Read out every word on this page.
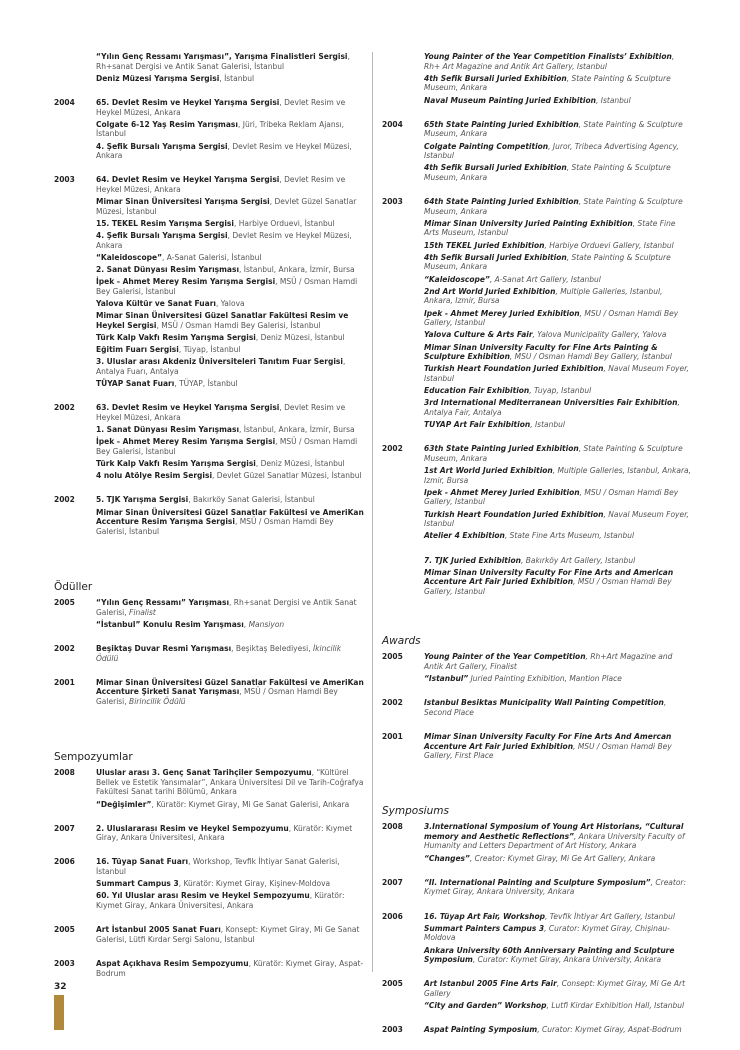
“Yılın Genç Ressamı Yarışması”, Yarışma Finalistleri Sergisi, Rh+sanat Dergisi ve Antik Sanat Galerisi, İstanbul
Deniz Müzesi Yarışma Sergisi, İstanbul
2004	65. Devlet Resim ve Heykel Yarışma Sergisi, Devlet Resim ve Heykel Müzesi, Ankara
Colgate 6-12 Yaş Resim Yarışması, Jüri, Tribeka Reklam Ajansı, İstanbul
4. Şefik Bursalı Yarışma Sergisi, Devlet Resim ve Heykel Müzesi, Ankara
2003	64. Devlet Resim ve Heykel Yarışma Sergisi, Devlet Resim ve Heykel Müzesi, Ankara
Mimar Sinan Üniversitesi Yarışma Sergisi, Devlet Güzel Sanatlar Müzesi, İstanbul
15. TEKEL Resim Yarışma Sergisi, Harbiye Orduevi, İstanbul
4. Şefik Bursalı Yarışma Sergisi, Devlet Resim ve Heykel Müzesi, Ankara
“Kaleidoscope”, A-Sanat Galerisi, İstanbul
2. Sanat Dünyası Resim Yarışması, İstanbul, Ankara, İzmir, Bursa
İpek - Ahmet Merey Resim Yarışma Sergisi, MSÜ / Osman Hamdi Bey Galerisi, İstanbul
Yalova Kültür ve Sanat Fuarı, Yalova
Mimar Sinan Üniversitesi Güzel Sanatlar Fakültesi Resim ve Heykel Sergisi, MSÜ / Osman Hamdi Bey Galerisi, İstanbul
Türk Kalp Vakfı Resim Yarışma Sergisi, Deniz Müzesi, İstanbul
Eğitim Fuarı Sergisi, Tüyap, İstanbul
3. Uluslar arası Akdeniz Üniversiteleri Tanıtım Fuar Sergisi, Antalya Fuarı, Antalya
TÜYAP Sanat Fuarı, TÜYAP, İstanbul
2002	63. Devlet Resim ve Heykel Yarışma Sergisi, Devlet Resim ve Heykel Müzesi, Ankara
1. Sanat Dünyası Resim Yarışması, İstanbul, Ankara, İzmir, Bursa
İpek - Ahmet Merey Resim Yarışma Sergisi, MSÜ / Osman Hamdi Bey Galerisi, İstanbul
Türk Kalp Vakfı Resim Yarışma Sergisi, Deniz Müzesi, İstanbul
4 nolu Atölye Resim Sergisi, Devlet Güzel Sanatlar Müzesi, İstanbul
2002	5. TJK Yarışma Sergisi, Bakırköy Sanat Galerisi, İstanbul
Mimar Sinan Üniversitesi Güzel Sanatlar Fakültesi ve AmeriKan Accenture Resim Yarışma Sergisi, MSÜ / Osman Hamdi Bey Galerisi, İstanbul
Ödüller
2005	“Yılın Genç Ressamı” Yarışması, Rh+sanat Dergisi ve Antik Sanat Galerisi, Finalist
“İstanbul” Konulu Resim Yarışması, Mansiyon
2002	Beşiktaş Duvar Resmi Yarışması, Beşiktaş Belediyesi, İkincilik Ödülü
2001	Mimar Sinan Üniversitesi Güzel Sanatlar Fakültesi ve AmeriKan Accenture Şirketi Sanat Yarışması, MSÜ / Osman Hamdi Bey Galerisi, Birincilik Ödülü
Sempozyumlar
2008	Uluslar arası 3. Genç Sanat Tarihçiler Sempozyumu, “Kültürel Bellek ve Estetik Yansımalar”, Ankara Üniversitesi Dil ve Tarih-Coğrafya Fakültesi Sanat tarihi Bölümü, Ankara
“Değişimler”, Küratör: Kıymet Giray, Mi Ge Sanat Galerisi, Ankara
2007	2. Uluslararası Resim ve Heykel Sempozyumu, Küratör: Kıymet Giray, Ankara Üniversitesi, Ankara
2006	16. Tüyap Sanat Fuarı, Workshop, Tevfik İhtiyar Sanat Galerisi, İstanbul
Summart Campus 3, Küratör: Kıymet Giray, Kişinev-Moldova
60. Yıl Uluslar arası Resim ve Heykel Sempozyumu, Küratör: Kıymet Giray, Ankara Üniversitesi, Ankara
2005	Art İstanbul 2005 Sanat Fuarı, Konsept: Kıymet Giray, Mi Ge Sanat Galerisi, Lütfi Kırdar Sergi Salonu, İstanbul
2003	Aspat Açıkhava Resim Sempozyumu, Küratör: Kıymet Giray, Aspat-Bodrum
Young Painter of the Year Competition Finalists’ Exhibition, Rh+ Art Magazine and Antik Art Gallery, Istanbul
4th Sefik Bursali Juried Exhibition, State Painting & Sculpture Museum, Ankara
Naval Museum Painting Juried Exhibition, Istanbul
2004	65th State Painting Juried Exhibition, State Painting & Sculpture Museum, Ankara
Colgate Painting Competition, Juror, Tribeca Advertising Agency, Istanbul
4th Sefik Bursali Juried Exhibition, State Painting & Sculpture Museum, Ankara
2003	64th State Painting Juried Exhibition, State Painting & Sculpture Museum, Ankara
Mimar Sinan University Juried Painting Exhibition, State Fine Arts Museum, Istanbul
15th TEKEL Juried Exhibition, Harbiye Orduevi Gallery, Istanbul
4th Sefik Bursali Juried Exhibition, State Painting & Sculpture Museum, Ankara
“Kaleidoscope”, A-Sanat Art Gallery, Istanbul
2nd Art World Juried Exhibition, Multiple Galleries, Istanbul, Ankara, Izmir, Bursa
Ipek - Ahmet Merey Juried Exhibition, MSU / Osman Hamdi Bey Gallery, Istanbul
Yalova Culture & Arts Fair, Yalova Municipality Gallery, Yalova
Mimar Sinan University Faculty for Fine Arts Painting & Sculpture Exhibition, MSU / Osman Hamdi Bey Gallery, Istanbul
Turkish Heart Foundation Juried Exhibition, Naval Museum Foyer, Istanbul
Education Fair Exhibition, Tuyap, Istanbul
3rd International Mediterranean Universities Fair Exhibition, Antalya Fair, Antalya
TUYAP Art Fair Exhibition, Istanbul
2002	63th State Painting Juried Exhibition, State Painting & Sculpture Museum, Ankara
1st Art World Juried Exhibition, Multiple Galleries, Istanbul, Ankara, Izmir, Bursa
Ipek - Ahmet Merey Juried Exhibition, MSU / Osman Hamdi Bey Gallery, Istanbul
Turkish Heart Foundation Juried Exhibition, Naval Museum Foyer, Istanbul
Atelier 4 Exhibition, State Fine Arts Museum, Istanbul
7. TJK Juried Exhibition, Bakırköy Art Gallery, Istanbul
Mimar Sinan University Faculty For Fine Arts and American Accenture Art Fair Juried Exhibition, MSU / Osman Hamdi Bey Gallery, Istanbul
Awards
2005	Young Painter of the Year Competition, Rh+Art Magazine and Antik Art Gallery, Finalist
“Istanbul” Juried Painting Exhibition, Mantion Place
2002	Istanbul Besiktas Municipality Wall Painting Competition, Second Place
2001	Mimar Sinan University Faculty For Fine Arts And Amercan Accenture Art Fair Juried Exhibition, MSU / Osman Hamdi Bey Gallery, First Place
Symposiums
2008	3.International Symposium of Young Art Historians, “Cultural memory and Aesthetic Reflections”, Ankara University Faculty of Humanity and Letters Department of Art History, Ankara
“Changes”, Creator: Kıymet Giray, Mi Ge Art Gallery, Ankara
2007	“II. International Painting and Sculpture Symposium”, Creator: Kıymet Giray, Ankara University, Ankara
2006	16. Tüyap Art Fair, Workshop, Tevfik İhtiyar Art Gallery, Istanbul
Summart Painters Campus 3, Curator: Kıymet Giray, Chişinau-Moldova
Ankara University 60th Anniversary Painting and Sculpture Symposium, Curator: Kıymet Giray, Ankara University, Ankara
2005	Art Istanbul 2005 Fine Arts Fair, Consept: Kıymet Giray, Mi Ge Art Gallery
“City and Garden” Workshop, Lutfi Kirdar Exhibition Hall, Istanbul
2003	Aspat Painting Symposium, Curator: Kıymet Giray, Aspat-Bodrum
32
